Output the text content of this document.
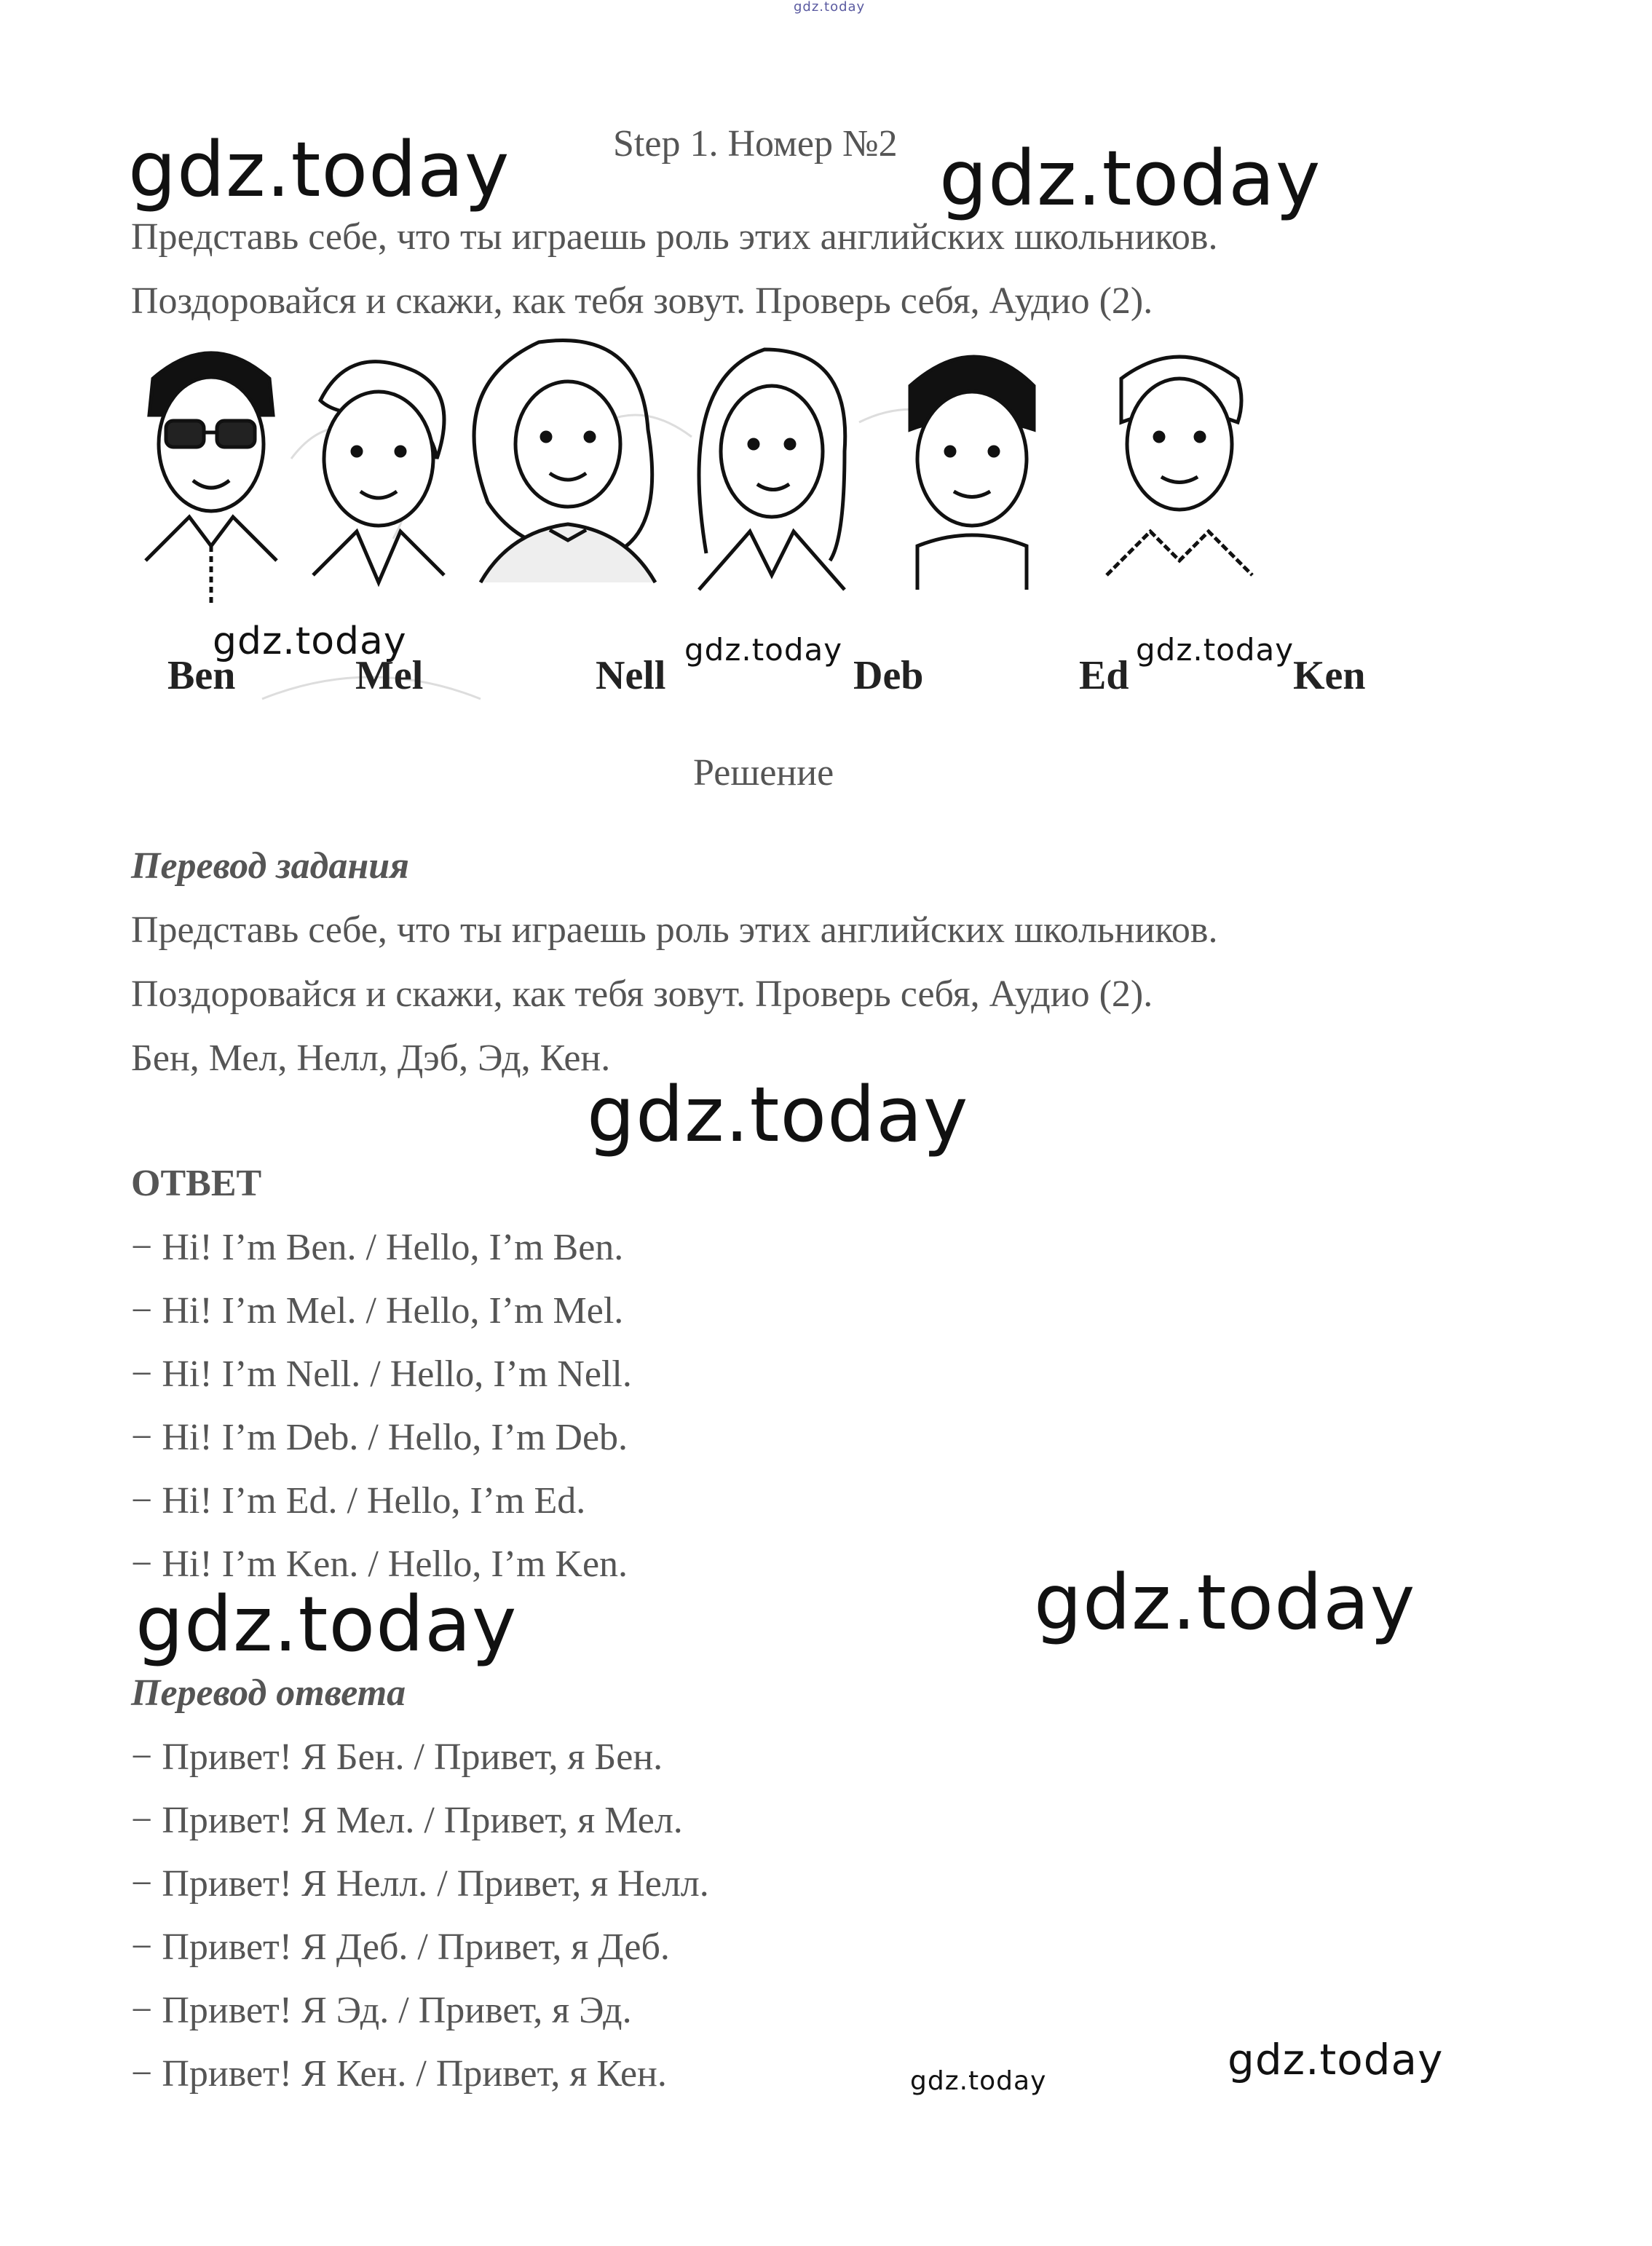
gdz.today
Step 1. Номер №2
Представь себе, что ты играешь роль этих английских школьников.
Поздоровайся и скажи, как тебя зовут. Проверь себя, Аудио (2).
Ben	Mel	Nell	Deb	Ed	Ken
Решение
Перевод задания
Представь себе, что ты играешь роль этих английских школьников.
Поздоровайся и скажи, как тебя зовут. Проверь себя, Аудио (2).
Бен, Мел, Нелл, Дэб, Эд, Кен.
ОТВЕТ
− Hi! I’m Ben. / Hello, I’m Ben.
− Hi! I’m Mel. / Hello, I’m Mel.
− Hi! I’m Nell. / Hello, I’m Nell.
− Hi! I’m Deb. / Hello, I’m Deb.
− Hi! I’m Ed. / Hello, I’m Ed.
− Hi! I’m Ken. / Hello, I’m Ken.
Перевод ответа
− Привет! Я Бен. / Привет, я Бен.
− Привет! Я Мел. / Привет, я Мел.
− Привет! Я Нелл. / Привет, я Нелл.
− Привет! Я Деб. / Привет, я Деб.
− Привет! Я Эд. / Привет, я Эд.
− Привет! Я Кен. / Привет, я Кен.
gdz.today	gdz.today
gdz.today	gdz.today	gdz.today
gdz.today
gdz.today	gdz.today
gdz.today	gdz.today
